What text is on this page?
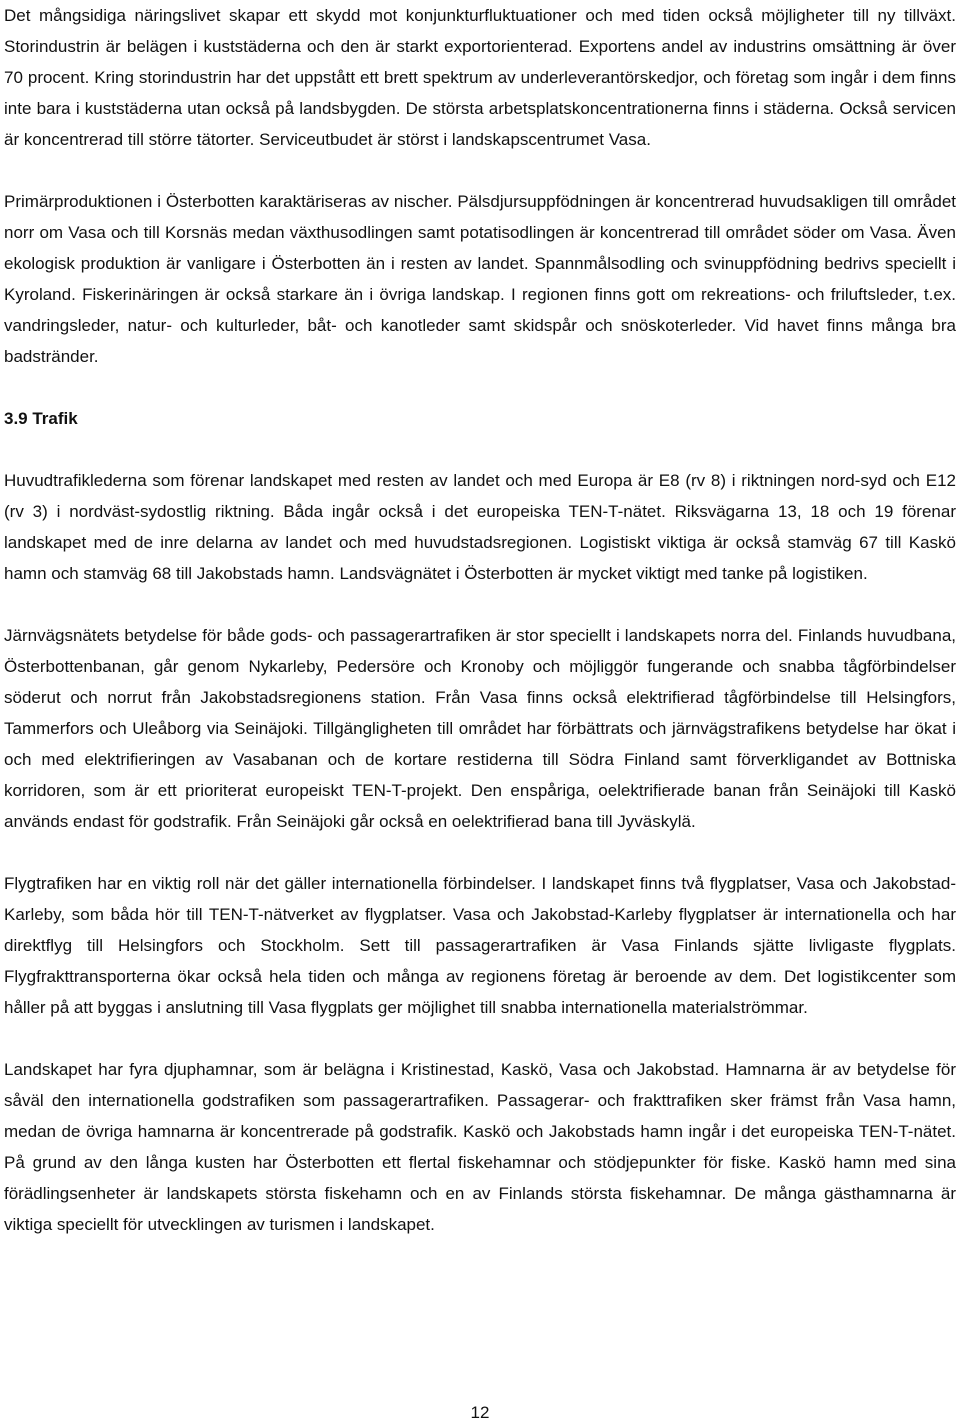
Det mångsidiga näringslivet skapar ett skydd mot konjunkturfluktuationer och med tiden också möjligheter till ny tillväxt. Storindustrin är belägen i kuststäderna och den är starkt exportorienterad. Exportens andel av industrins omsättning är över 70 procent. Kring storindustrin har det uppstått ett brett spektrum av underleverantörskedjor, och företag som ingår i dem finns inte bara i kuststäderna utan också på landsbygden. De största arbetsplatskoncentrationerna finns i städerna. Också servicen är koncentrerad till större tätorter. Serviceutbudet är störst i landskapscentrumet Vasa.

Primärproduktionen i Österbotten karaktäriseras av nischer. Pälsdjursuppfödningen är koncentrerad huvudsakligen till området norr om Vasa och till Korsnäs medan växthusodlingen samt potatisodlingen är koncentrerad till området söder om Vasa. Även ekologisk produktion är vanligare i Österbotten än i resten av landet. Spannmålsodling och svinuppfödning bedrivs speciellt i Kyroland. Fiskerinäringen är också starkare än i övriga landskap. I regionen finns gott om rekreations- och friluftsleder, t.ex. vandringsleder, natur- och kulturleder, båt- och kanotleder samt skidspår och snöskoterleder. Vid havet finns många bra badstränder.

3.9 Trafik

Huvudtrafiklederna som förenar landskapet med resten av landet och med Europa är E8 (rv 8) i riktningen nord-syd och E12 (rv 3) i nordväst-sydostlig riktning. Båda ingår också i det europeiska TEN-T-nätet. Riksvägarna 13, 18 och 19 förenar landskapet med de inre delarna av landet och med huvudstadsregionen. Logistiskt viktiga är också stamväg 67 till Kaskö hamn och stamväg 68 till Jakobstads hamn. Landsvägnätet i Österbotten är mycket viktigt med tanke på logistiken.

Järnvägsnätets betydelse för både gods- och passagerartrafiken är stor speciellt i landskapets norra del. Finlands huvudbana, Österbottenbanan, går genom Nykarleby, Pedersöre och Kronoby och möjliggör fungerande och snabba tågförbindelser söderut och norrut från Jakobstadsregionens station. Från Vasa finns också elektrifierad tågförbindelse till Helsingfors, Tammerfors och Uleåborg via Seinäjoki. Tillgängligheten till området har förbättrats och järnvägstrafikens betydelse har ökat i och med elektrifieringen av Vasabanan och de kortare restiderna till Södra Finland samt förverkligandet av Bottniska korridoren, som är ett prioriterat europeiskt TEN-T-projekt. Den enspåriga, oelektrifierade banan från Seinäjoki till Kaskö används endast för godstrafik. Från Seinäjoki går också en oelektrifierad bana till Jyväskylä.

Flygtrafiken har en viktig roll när det gäller internationella förbindelser. I landskapet finns två flygplatser, Vasa och Jakobstad-Karleby, som båda hör till TEN-T-nätverket av flygplatser. Vasa och Jakobstad-Karleby flygplatser är internationella och har direktflyg till Helsingfors och Stockholm. Sett till passagerartrafiken är Vasa Finlands sjätte livligaste flygplats. Flygfrakttransporterna ökar också hela tiden och många av regionens företag är beroende av dem. Det logistikcenter som håller på att byggas i anslutning till Vasa flygplats ger möjlighet till snabba internationella materialströmmar.

Landskapet har fyra djuphamnar, som är belägna i Kristinestad, Kaskö, Vasa och Jakobstad. Hamnarna är av betydelse för såväl den internationella godstrafiken som passagerartrafiken. Passagerar- och frakttrafiken sker främst från Vasa hamn, medan de övriga hamnarna är koncentrerade på godstrafik. Kaskö och Jakobstads hamn ingår i det europeiska TEN-T-nätet. På grund av den långa kusten har Österbotten ett flertal fiskehamnar och stödjepunkter för fiske. Kaskö hamn med sina förädlingsenheter är landskapets största fiskehamn och en av Finlands största fiskehamnar. De många gästhamnarna är viktiga speciellt för utvecklingen av turismen i landskapet.

12
